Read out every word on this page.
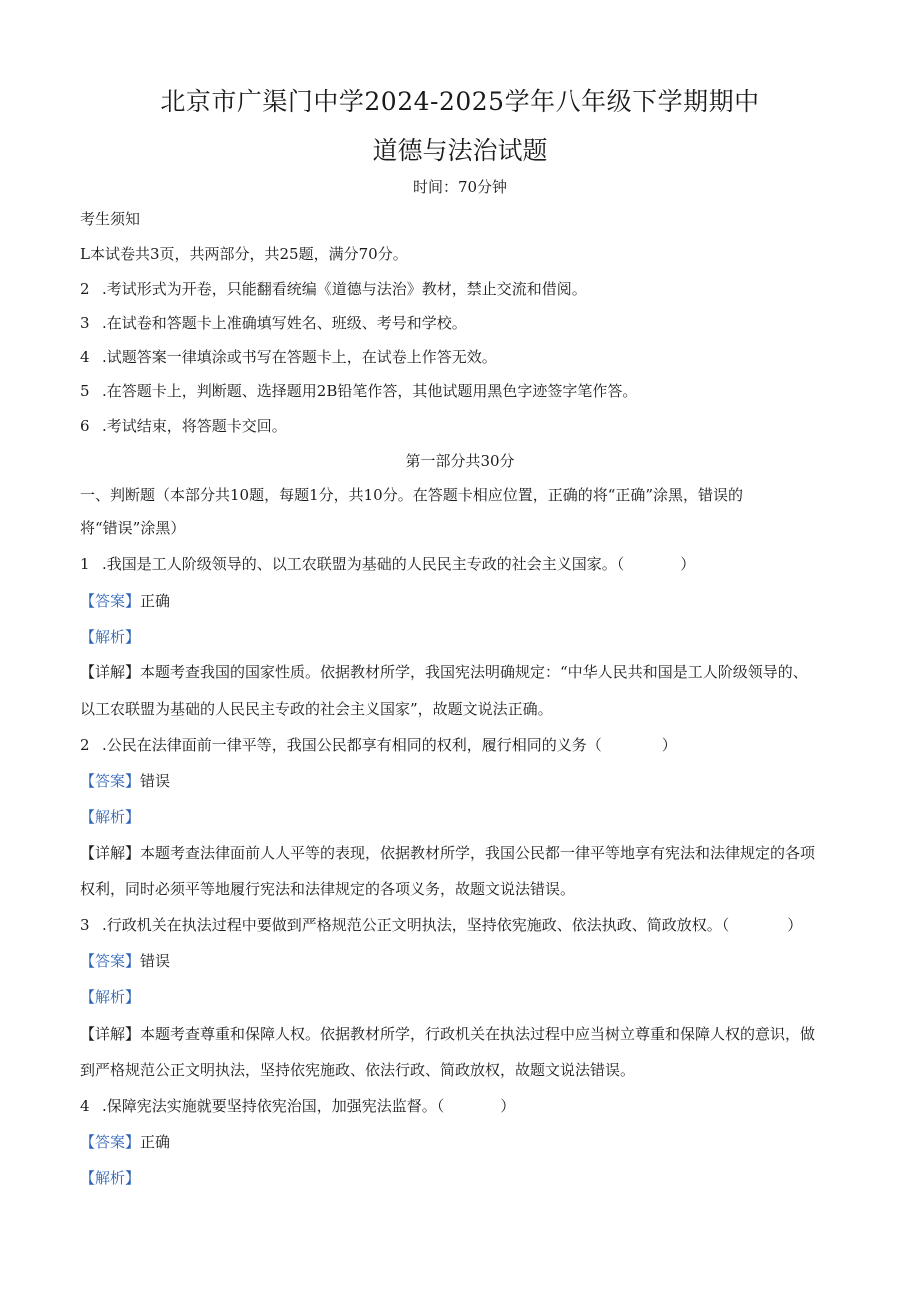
北京市广渠门中学2024-2025学年八年级下学期期中
道德与法治试题
时间：70分钟
考生须知
L本试卷共3页，共两部分，共25题，满分70分。
2 .考试形式为开卷，只能翻看统编《道德与法治》教材，禁止交流和借阅。
3 .在试卷和答题卡上准确填写姓名、班级、考号和学校。
4 .试题答案一律填涂或书写在答题卡上，在试卷上作答无效。
5 .在答题卡上，判断题、选择题用2B铅笔作答，其他试题用黑色字迹签字笔作答。
6 .考试结束，将答题卡交回。
第一部分共30分
一、判断题（本部分共10题，每题1分，共10分。在答题卡相应位置，正确的将“正确”涂黑，错误的
将“错误”涂黑）
1 .我国是工人阶级领导的、以工农联盟为基础的人民民主专政的社会主义国家。（	）
【答案】正确
【解析】
【详解】本题考查我国的国家性质。依据教材所学，我国宪法明确规定：“中华人民共和国是工人阶级领导的、
以工农联盟为基础的人民民主专政的社会主义国家”，故题文说法正确。
2 .公民在法律面前一律平等，我国公民都享有相同的权利，履行相同的义务（	）
【答案】错误
【解析】
【详解】本题考查法律面前人人平等的表现，依据教材所学，我国公民都一律平等地享有宪法和法律规定的各项
权利，同时必须平等地履行宪法和法律规定的各项义务，故题文说法错误。
3 .行政机关在执法过程中要做到严格规范公正文明执法，坚持依宪施政、依法执政、简政放权。（	）
【答案】错误
【解析】
【详解】本题考查尊重和保障人权。依据教材所学，行政机关在执法过程中应当树立尊重和保障人权的意识，做
到严格规范公正文明执法，坚持依宪施政、依法行政、简政放权，故题文说法错误。
4 .保障宪法实施就要坚持依宪治国，加强宪法监督。（	）
【答案】正确
【解析】
